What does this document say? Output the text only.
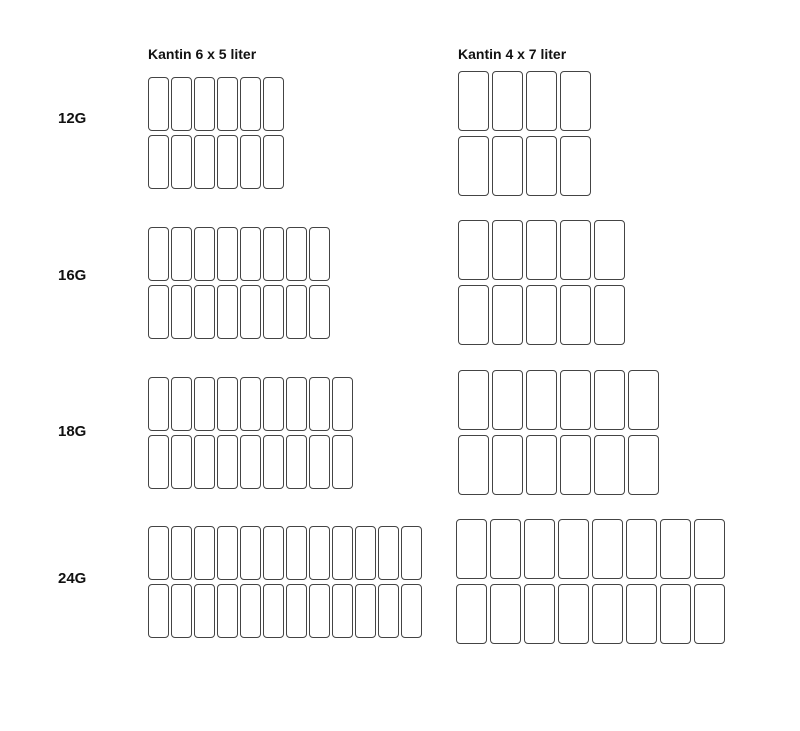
Kantin 6 x 5 liter	Kantin 4 x 7 liter
12G
16G
18G
24G
